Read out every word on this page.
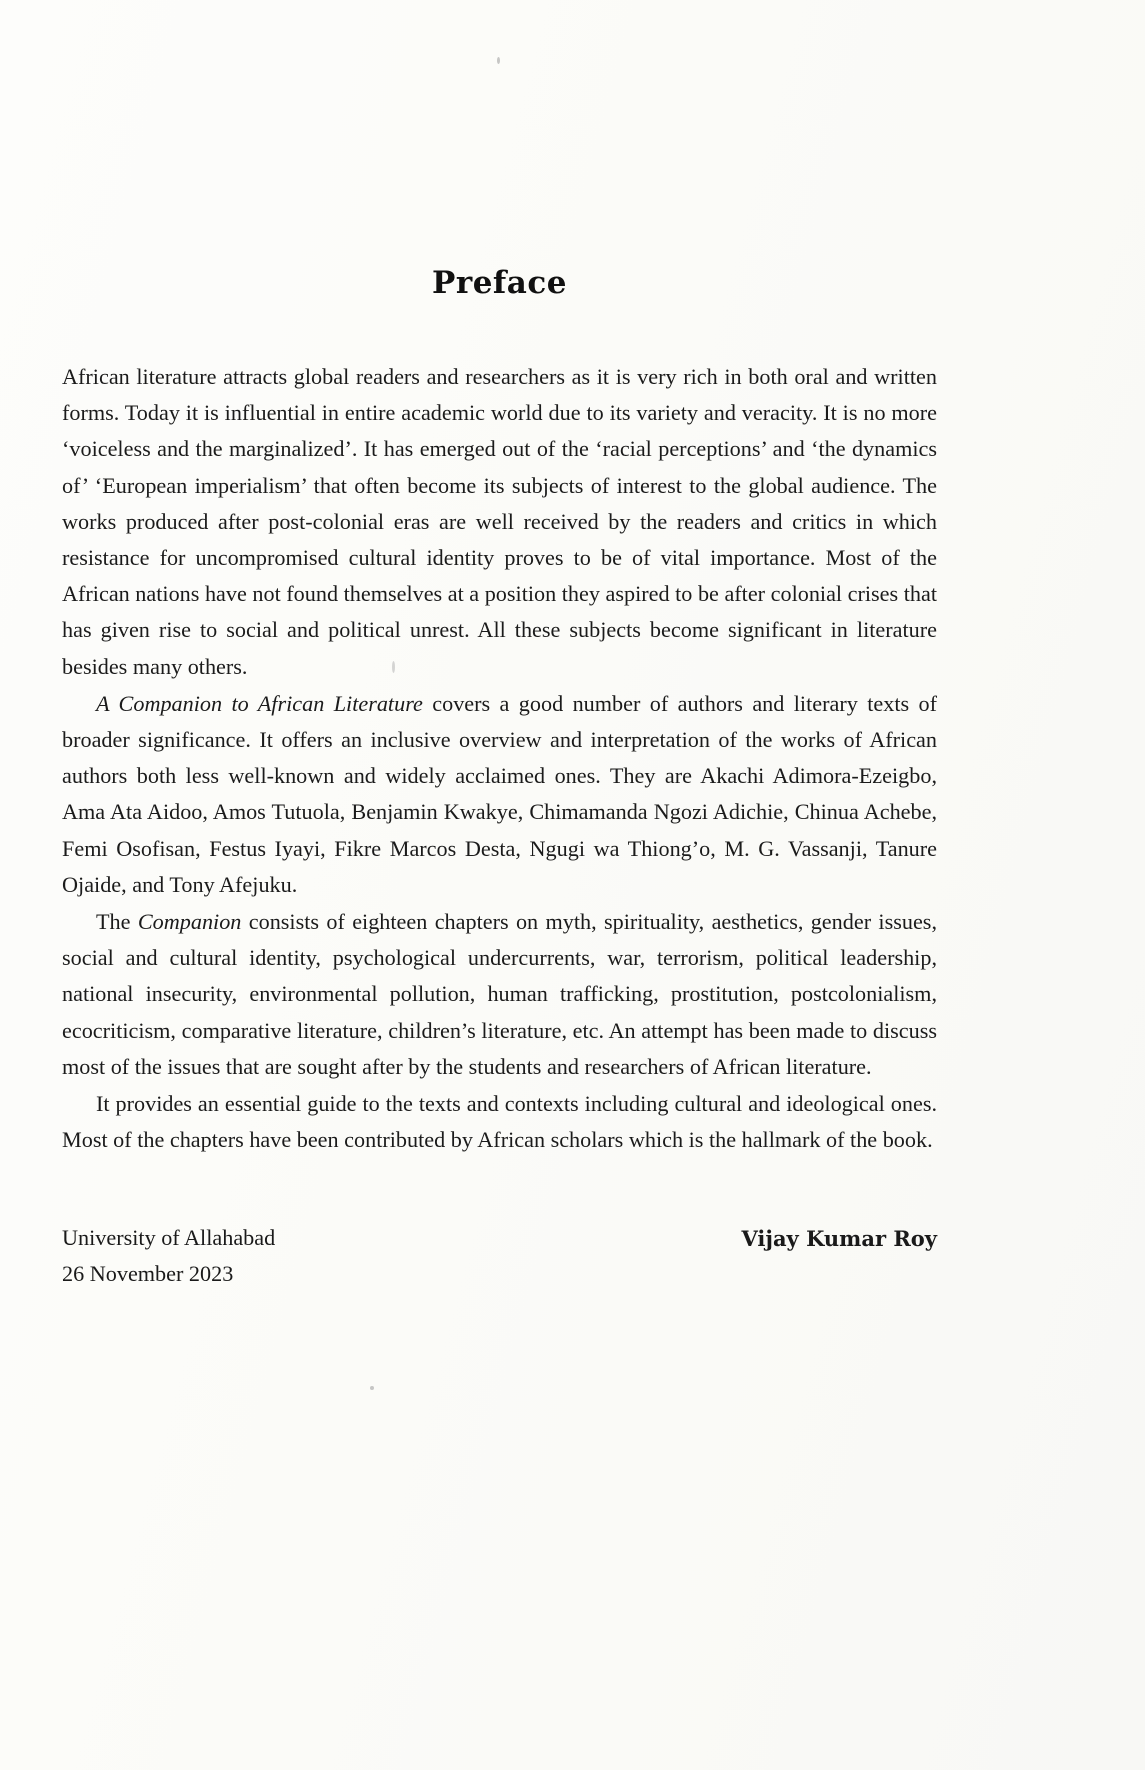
Preface

African literature attracts global readers and researchers as it is very rich in both oral and written forms. Today it is influential in entire academic world due to its variety and veracity. It is no more ‘voiceless and the marginalized’. It has emerged out of the ‘racial perceptions’ and ‘the dynamics of’ ‘European imperialism’ that often become its subjects of interest to the global audience. The works produced after post-colonial eras are well received by the readers and critics in which resistance for uncompromised cultural identity proves to be of vital importance. Most of the African nations have not found themselves at a position they aspired to be after colonial crises that has given rise to social and political unrest. All these subjects become significant in literature besides many others.

A Companion to African Literature covers a good number of authors and literary texts of broader significance. It offers an inclusive overview and interpretation of the works of African authors both less well-known and widely acclaimed ones. They are Akachi Adimora-Ezeigbo, Ama Ata Aidoo, Amos Tutuola, Benjamin Kwakye, Chimamanda Ngozi Adichie, Chinua Achebe, Femi Osofisan, Festus Iyayi, Fikre Marcos Desta, Ngugi wa Thiong’o, M. G. Vassanji, Tanure Ojaide, and Tony Afejuku.

The Companion consists of eighteen chapters on myth, spirituality, aesthetics, gender issues, social and cultural identity, psychological undercurrents, war, terrorism, political leadership, national insecurity, environmental pollution, human trafficking, prostitution, postcolonialism, ecocriticism, comparative literature, children’s literature, etc. An attempt has been made to discuss most of the issues that are sought after by the students and researchers of African literature.

It provides an essential guide to the texts and contexts including cultural and ideological ones. Most of the chapters have been contributed by African scholars which is the hallmark of the book.

University of Allahabad
26 November 2023
Vijay Kumar Roy
